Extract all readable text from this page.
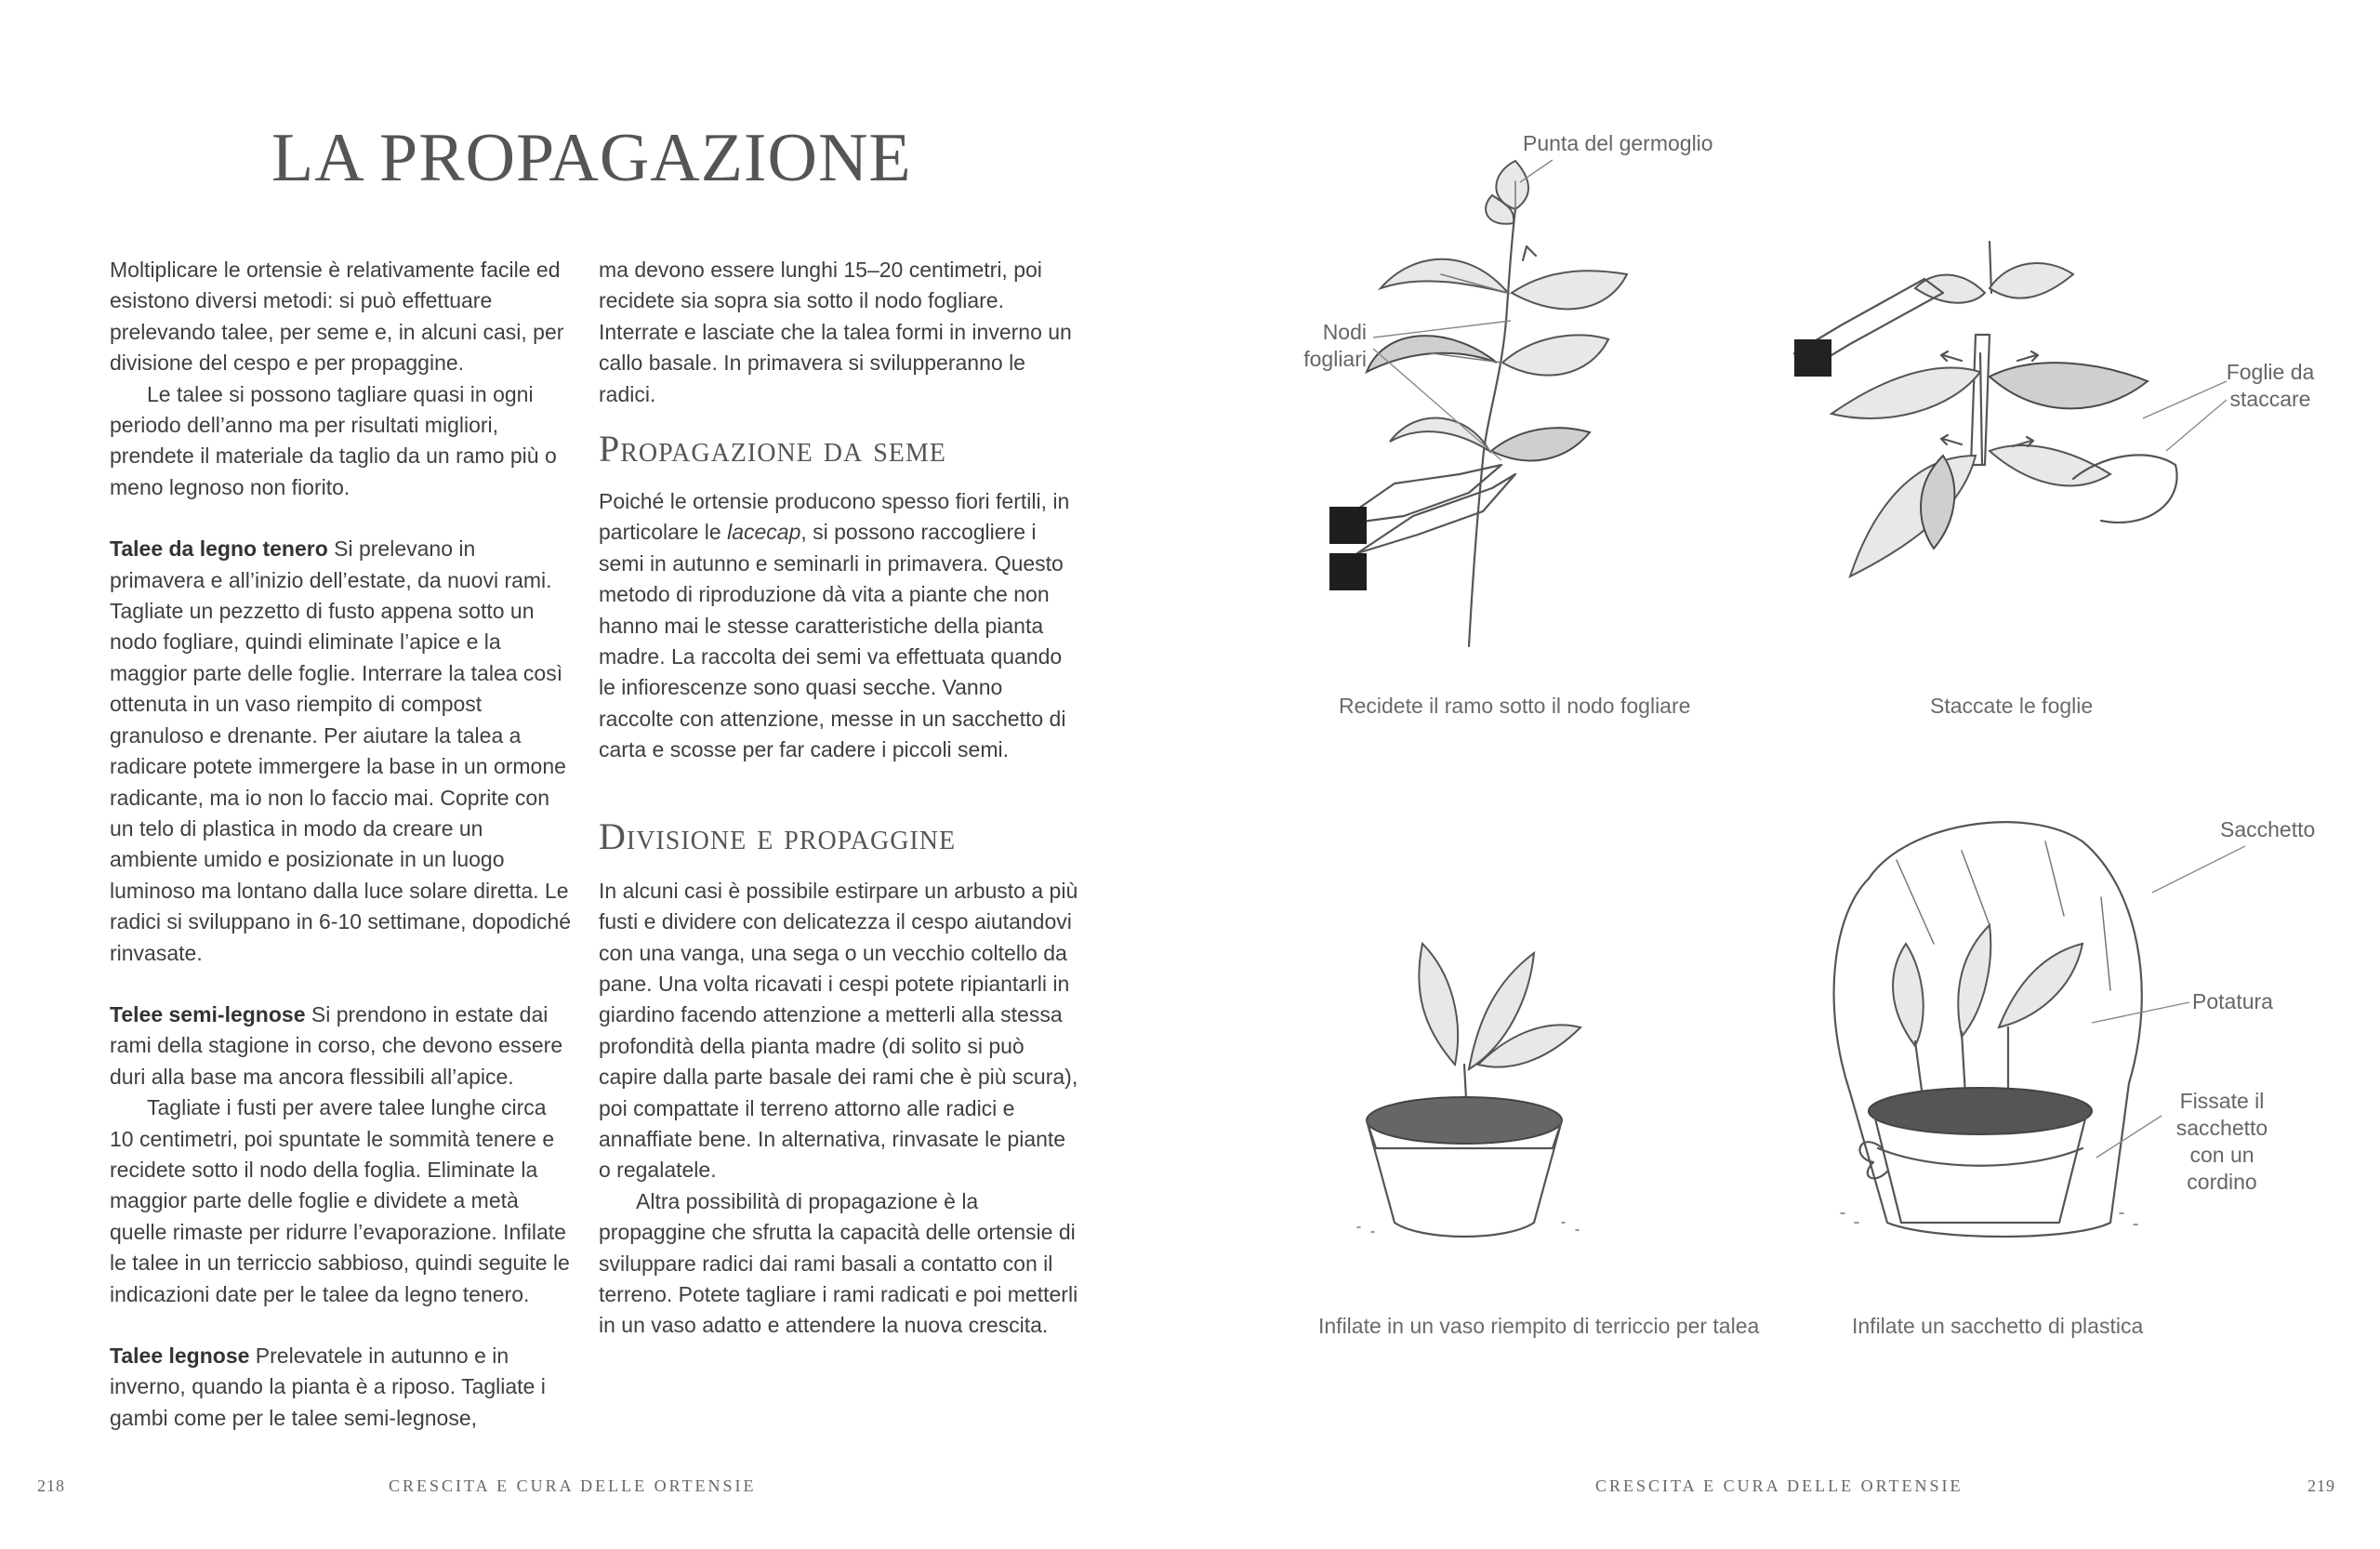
LA PROPAGAZIONE

Moltiplicare le ortensie è relativamente facile ed esistono diversi metodi: si può effettuare prelevando talee, per seme e, in alcuni casi, per divisione del cespo e per propaggine.

Le talee si possono tagliare quasi in ogni periodo dell’anno ma per risultati migliori, prendete il materiale da taglio da un ramo più o meno legnoso non fiorito.

Talee da legno tenero Si prelevano in primavera e all’inizio dell’estate, da nuovi rami. Tagliate un pezzetto di fusto appena sotto un nodo fogliare, quindi eliminate l’apice e la maggior parte delle foglie. Interrare la talea così ottenuta in un vaso riempito di compost granuloso e drenante. Per aiutare la talea a radicare potete immergere la base in un ormone radicante, ma io non lo faccio mai. Coprite con un telo di plastica in modo da creare un ambiente umido e posizionate in un luogo luminoso ma lontano dalla luce solare diretta. Le radici si sviluppano in 6-10 settimane, dopodiché rinvasate.

Telee semi-legnose Si prendono in estate dai rami della stagione in corso, che devono essere duri alla base ma ancora flessibili all’apice.

Tagliate i fusti per avere talee lunghe circa 10 centimetri, poi spuntate le sommità tenere e recidete sotto il nodo della foglia. Eliminate la maggior parte delle foglie e dividete a metà quelle rimaste per ridurre l’evaporazione. Infilate le talee in un terriccio sabbioso, quindi seguite le indicazioni date per le talee da legno tenero.

Talee legnose Prelevatele in autunno e in inverno, quando la pianta è a riposo. Tagliate i gambi come per le talee semi-legnose,

ma devono essere lunghi 15–20 centimetri, poi recidete sia sopra sia sotto il nodo fogliare. Interrate e lasciate che la talea formi in inverno un callo basale. In primavera si svilupperanno le radici.

Propagazione da seme

Poiché le ortensie producono spesso fiori fertili, in particolare le lacecap, si possono raccogliere i semi in autunno e seminarli in primavera. Questo metodo di riproduzione dà vita a piante che non hanno mai le stesse caratteristiche della pianta madre. La raccolta dei semi va effettuata quando le infiorescenze sono quasi secche. Vanno raccolte con attenzione, messe in un sacchetto di carta e scosse per far cadere i piccoli semi.

Divisione e propaggine

In alcuni casi è possibile estirpare un arbusto a più fusti e dividere con delicatezza il cespo aiutandovi con una vanga, una sega o un vecchio coltello da pane. Una volta ricavati i cespi potete ripiantarli in giardino facendo attenzione a metterli alla stessa profondità della pianta madre (di solito si può capire dalla parte basale dei rami che è più scura), poi compattate il terreno attorno alle radici e annaffiate bene. In alternativa, rinvasate le piante o regalatele.

Altra possibilità di propagazione è la propaggine che sfrutta la capacità delle ortensie di sviluppare radici dai rami basali a contatto con il terreno. Potete tagliare i rami radicati e poi metterli in un vaso adatto e attendere la nuova crescita.

Punta del germoglio
Nodi fogliari
Recidete il ramo sotto il nodo fogliare
Foglie da staccare
Staccate le foglie
Infilate in un vaso riempito di terriccio per talea
Sacchetto
Potatura
Fissate il sacchetto con un cordino
Infilate un sacchetto di plastica
218	CRESCITA E CURA DELLE ORTENSIE	CRESCITA E CURA DELLE ORTENSIE	219
